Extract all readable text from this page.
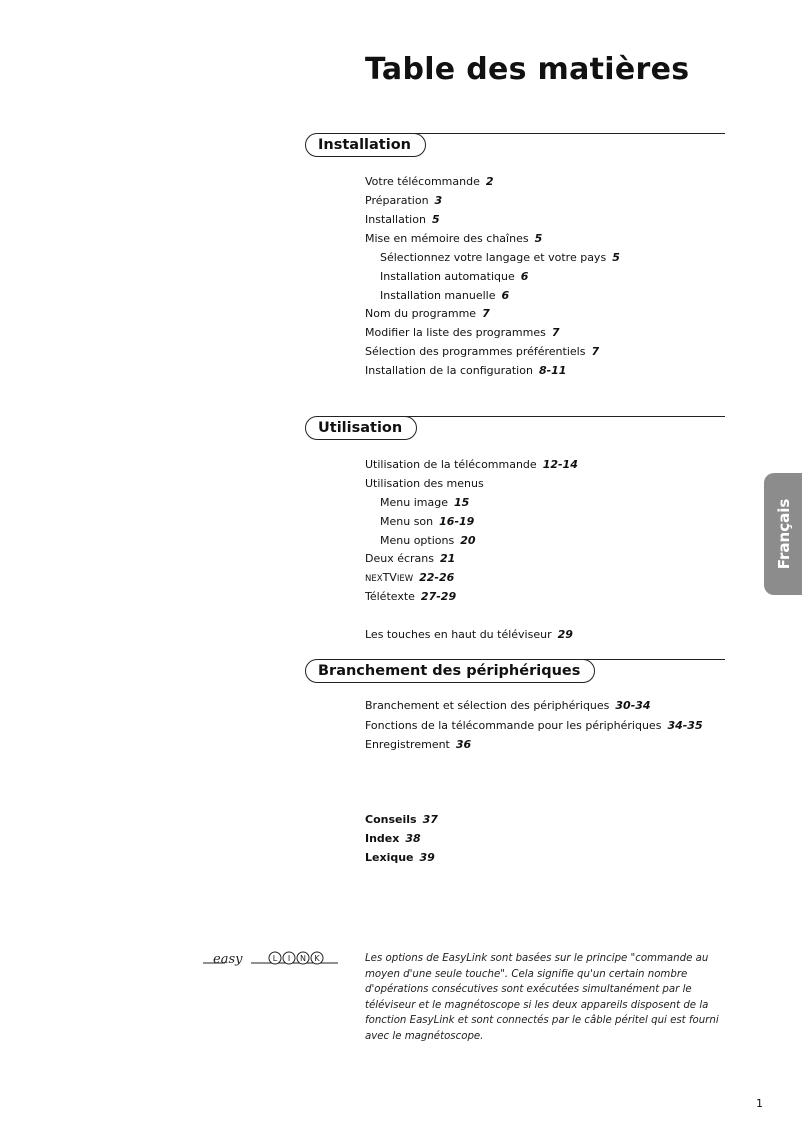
Table des matières
Installation
Votre télécommande 2
Préparation 3
Installation 5
Mise en mémoire des chaînes 5
Sélectionnez votre langage et votre pays 5
Installation automatique 6
Installation manuelle 6
Nom du programme 7
Modifier la liste des programmes 7
Sélection des programmes préférentiels 7
Installation de la configuration 8-11
Utilisation
Utilisation de la télécommande 12-14
Utilisation des menus
Menu image 15
Menu son 16-19
Menu options 20
Deux écrans 21
NEXTVIEW 22-26
Télétexte 27-29
Les touches en haut du téléviseur 29
Branchement des périphériques
Branchement et sélection des périphériques 30-34
Fonctions de la télécommande pour les périphériques 34-35
Enregistrement 36
Conseils 37
Index 38
Lexique 39
Français
easy	L I N K	Les options de EasyLink sont basées sur le principe "commande au moyen d'une seule touche". Cela signifie qu'un certain nombre d'opérations consécutives sont exécutées simultanément par le téléviseur et le magnétoscope si les deux appareils disposent de la fonction EasyLink et sont connectés par le câble péritel qui est fourni avec le magnétoscope.
1
